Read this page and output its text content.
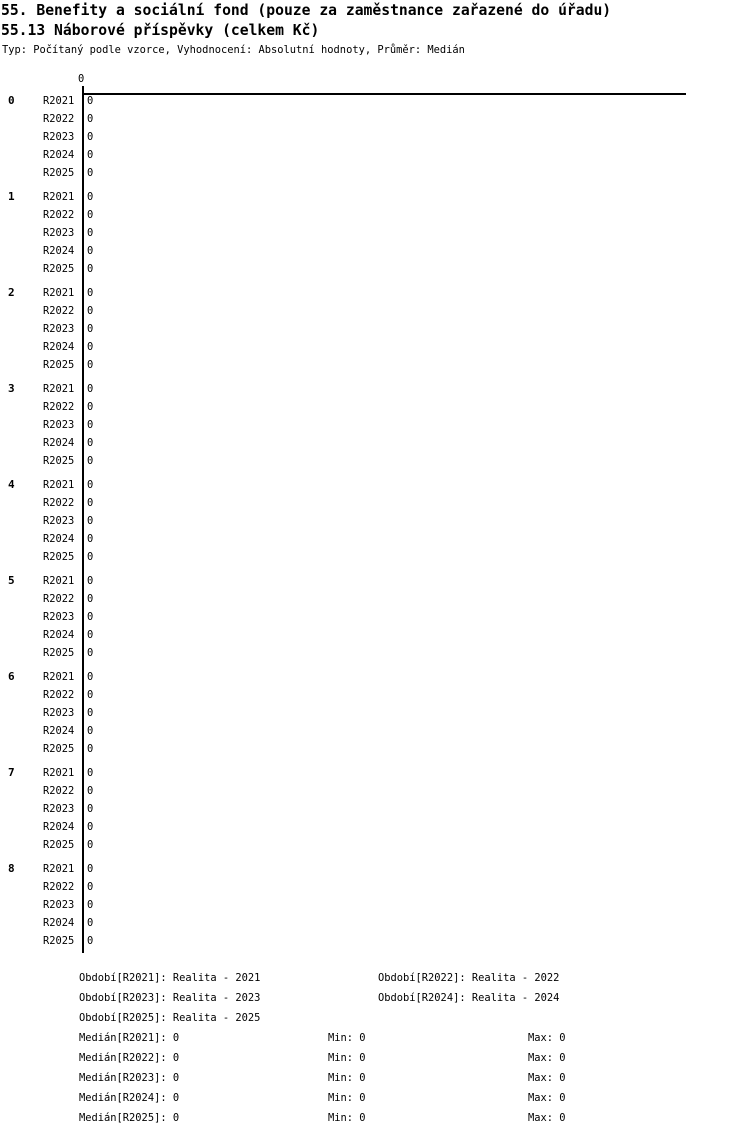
55. Benefity a sociální fond (pouze za zaměstnance zařazené do úřadu)
55.13 Náborové příspěvky (celkem Kč)
Typ: Počítaný podle vzorce, Vyhodnocení: Absolutní hodnoty, Průměr: Medián
0
0	R2021 0
R2022 0
R2023 0
R2024 0
R2025 0
1	R2021 0
R2022 0
R2023 0
R2024 0
R2025 0
2	R2021 0
R2022 0
R2023 0
R2024 0
R2025 0
3	R2021 0
R2022 0
R2023 0
R2024 0
R2025 0
4	R2021 0
R2022 0
R2023 0
R2024 0
R2025 0
5	R2021 0
R2022 0
R2023 0
R2024 0
R2025 0
6	R2021 0
R2022 0
R2023 0
R2024 0
R2025 0
7	R2021 0
R2022 0
R2023 0
R2024 0
R2025 0
8	R2021 0
R2022 0
R2023 0
R2024 0
R2025 0
Období[R2021]: Realita - 2021	Období[R2022]: Realita - 2022
Období[R2023]: Realita - 2023	Období[R2024]: Realita - 2024
Období[R2025]: Realita - 2025
Medián[R2021]: 0	Min: 0	Max: 0
Medián[R2022]: 0	Min: 0	Max: 0
Medián[R2023]: 0	Min: 0	Max: 0
Medián[R2024]: 0	Min: 0	Max: 0
Medián[R2025]: 0	Min: 0	Max: 0
